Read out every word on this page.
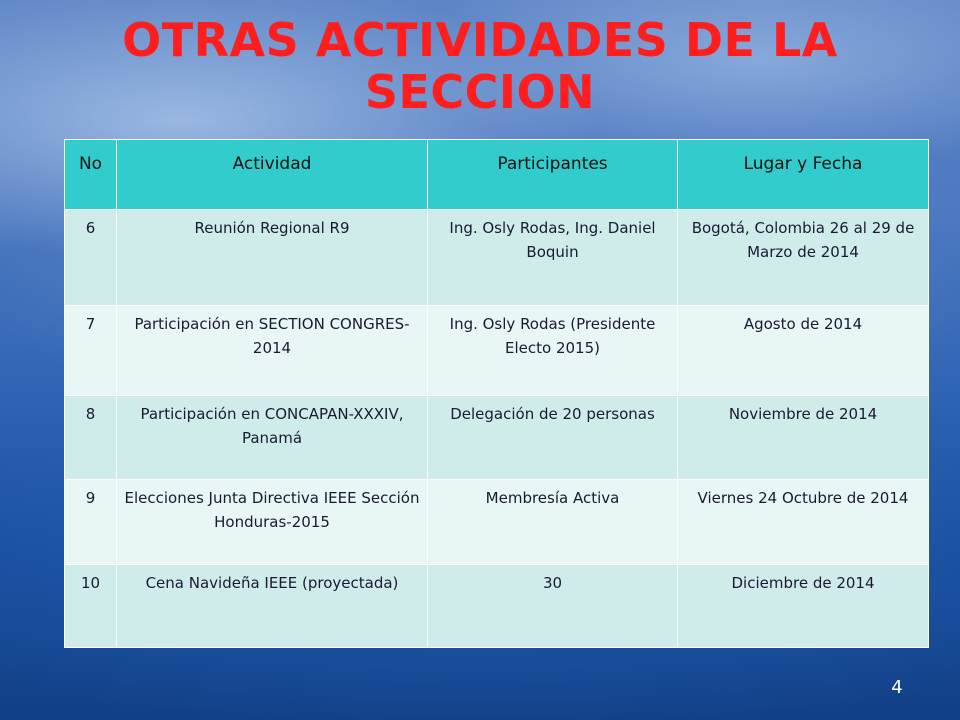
OTRAS ACTIVIDADES DE LA
SECCION
No	Actividad	Participantes	Lugar y Fecha
6	Reunión Regional R9	Ing. Osly Rodas, Ing. Daniel Boquin	Bogotá, Colombia 26 al 29 de Marzo de 2014
7	Participación en SECTION CONGRES-2014	Ing. Osly Rodas (Presidente Electo 2015)	Agosto de 2014
8	Participación en CONCAPAN-XXXIV, Panamá	Delegación de 20 personas	Noviembre de 2014
9	Elecciones Junta Directiva IEEE Sección Honduras-2015	Membresía Activa	Viernes 24 Octubre de 2014
10	Cena Navideña IEEE (proyectada)	30	Diciembre de 2014
4
